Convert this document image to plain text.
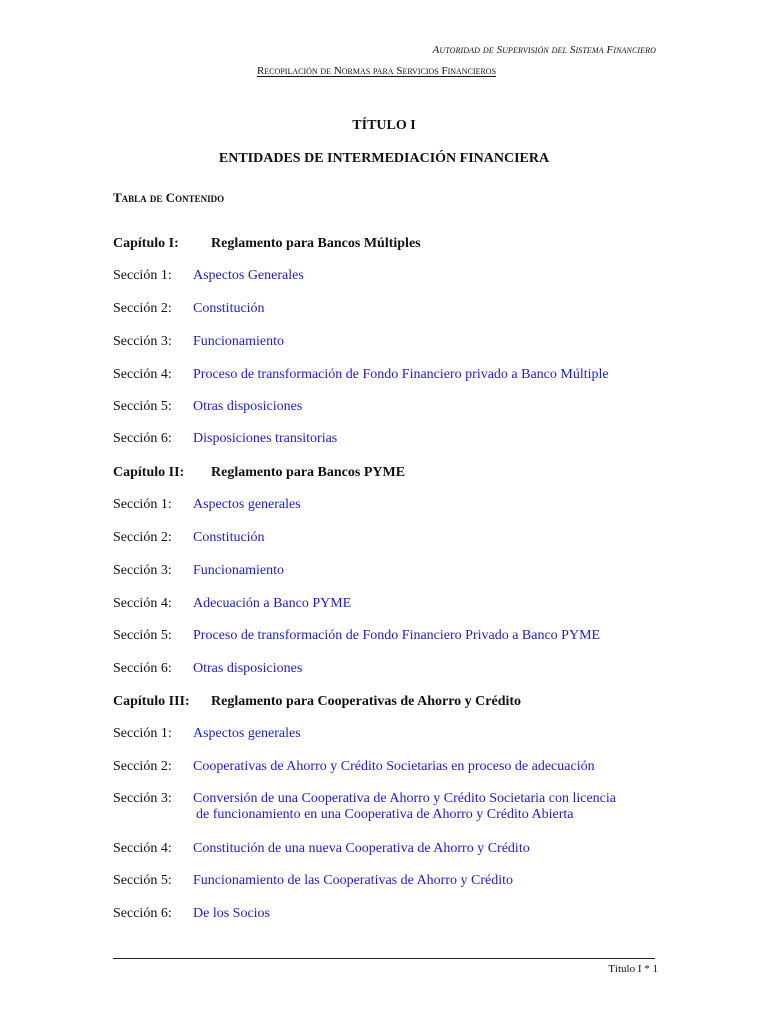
Autoridad de Supervisión del Sistema Financiero
Recopilación de Normas para Servicios Financieros
TÍTULO I
ENTIDADES DE INTERMEDIACIÓN FINANCIERA
Tabla de Contenido
Capítulo I: Reglamento para Bancos Múltiples
Sección 1: Aspectos Generales
Sección 2: Constitución
Sección 3: Funcionamiento
Sección 4: Proceso de transformación de Fondo Financiero privado a Banco Múltiple
Sección 5: Otras disposiciones
Sección 6: Disposiciones transitorias
Capítulo II: Reglamento para Bancos PYME
Sección 1: Aspectos generales
Sección 2: Constitución
Sección 3: Funcionamiento
Sección 4: Adecuación a Banco PYME
Sección 5: Proceso de transformación de Fondo Financiero Privado a Banco PYME
Sección 6: Otras disposiciones
Capítulo III: Reglamento para Cooperativas de Ahorro y Crédito
Sección 1: Aspectos generales
Sección 2: Cooperativas de Ahorro y Crédito Societarias en proceso de adecuación
Sección 3: Conversión de una Cooperativa de Ahorro y Crédito Societaria con licencia
de funcionamiento en una Cooperativa de Ahorro y Crédito Abierta
Sección 4: Constitución de una nueva Cooperativa de Ahorro y Crédito
Sección 5: Funcionamiento de las Cooperativas de Ahorro y Crédito
Sección 6: De los Socios
Título I * 1
